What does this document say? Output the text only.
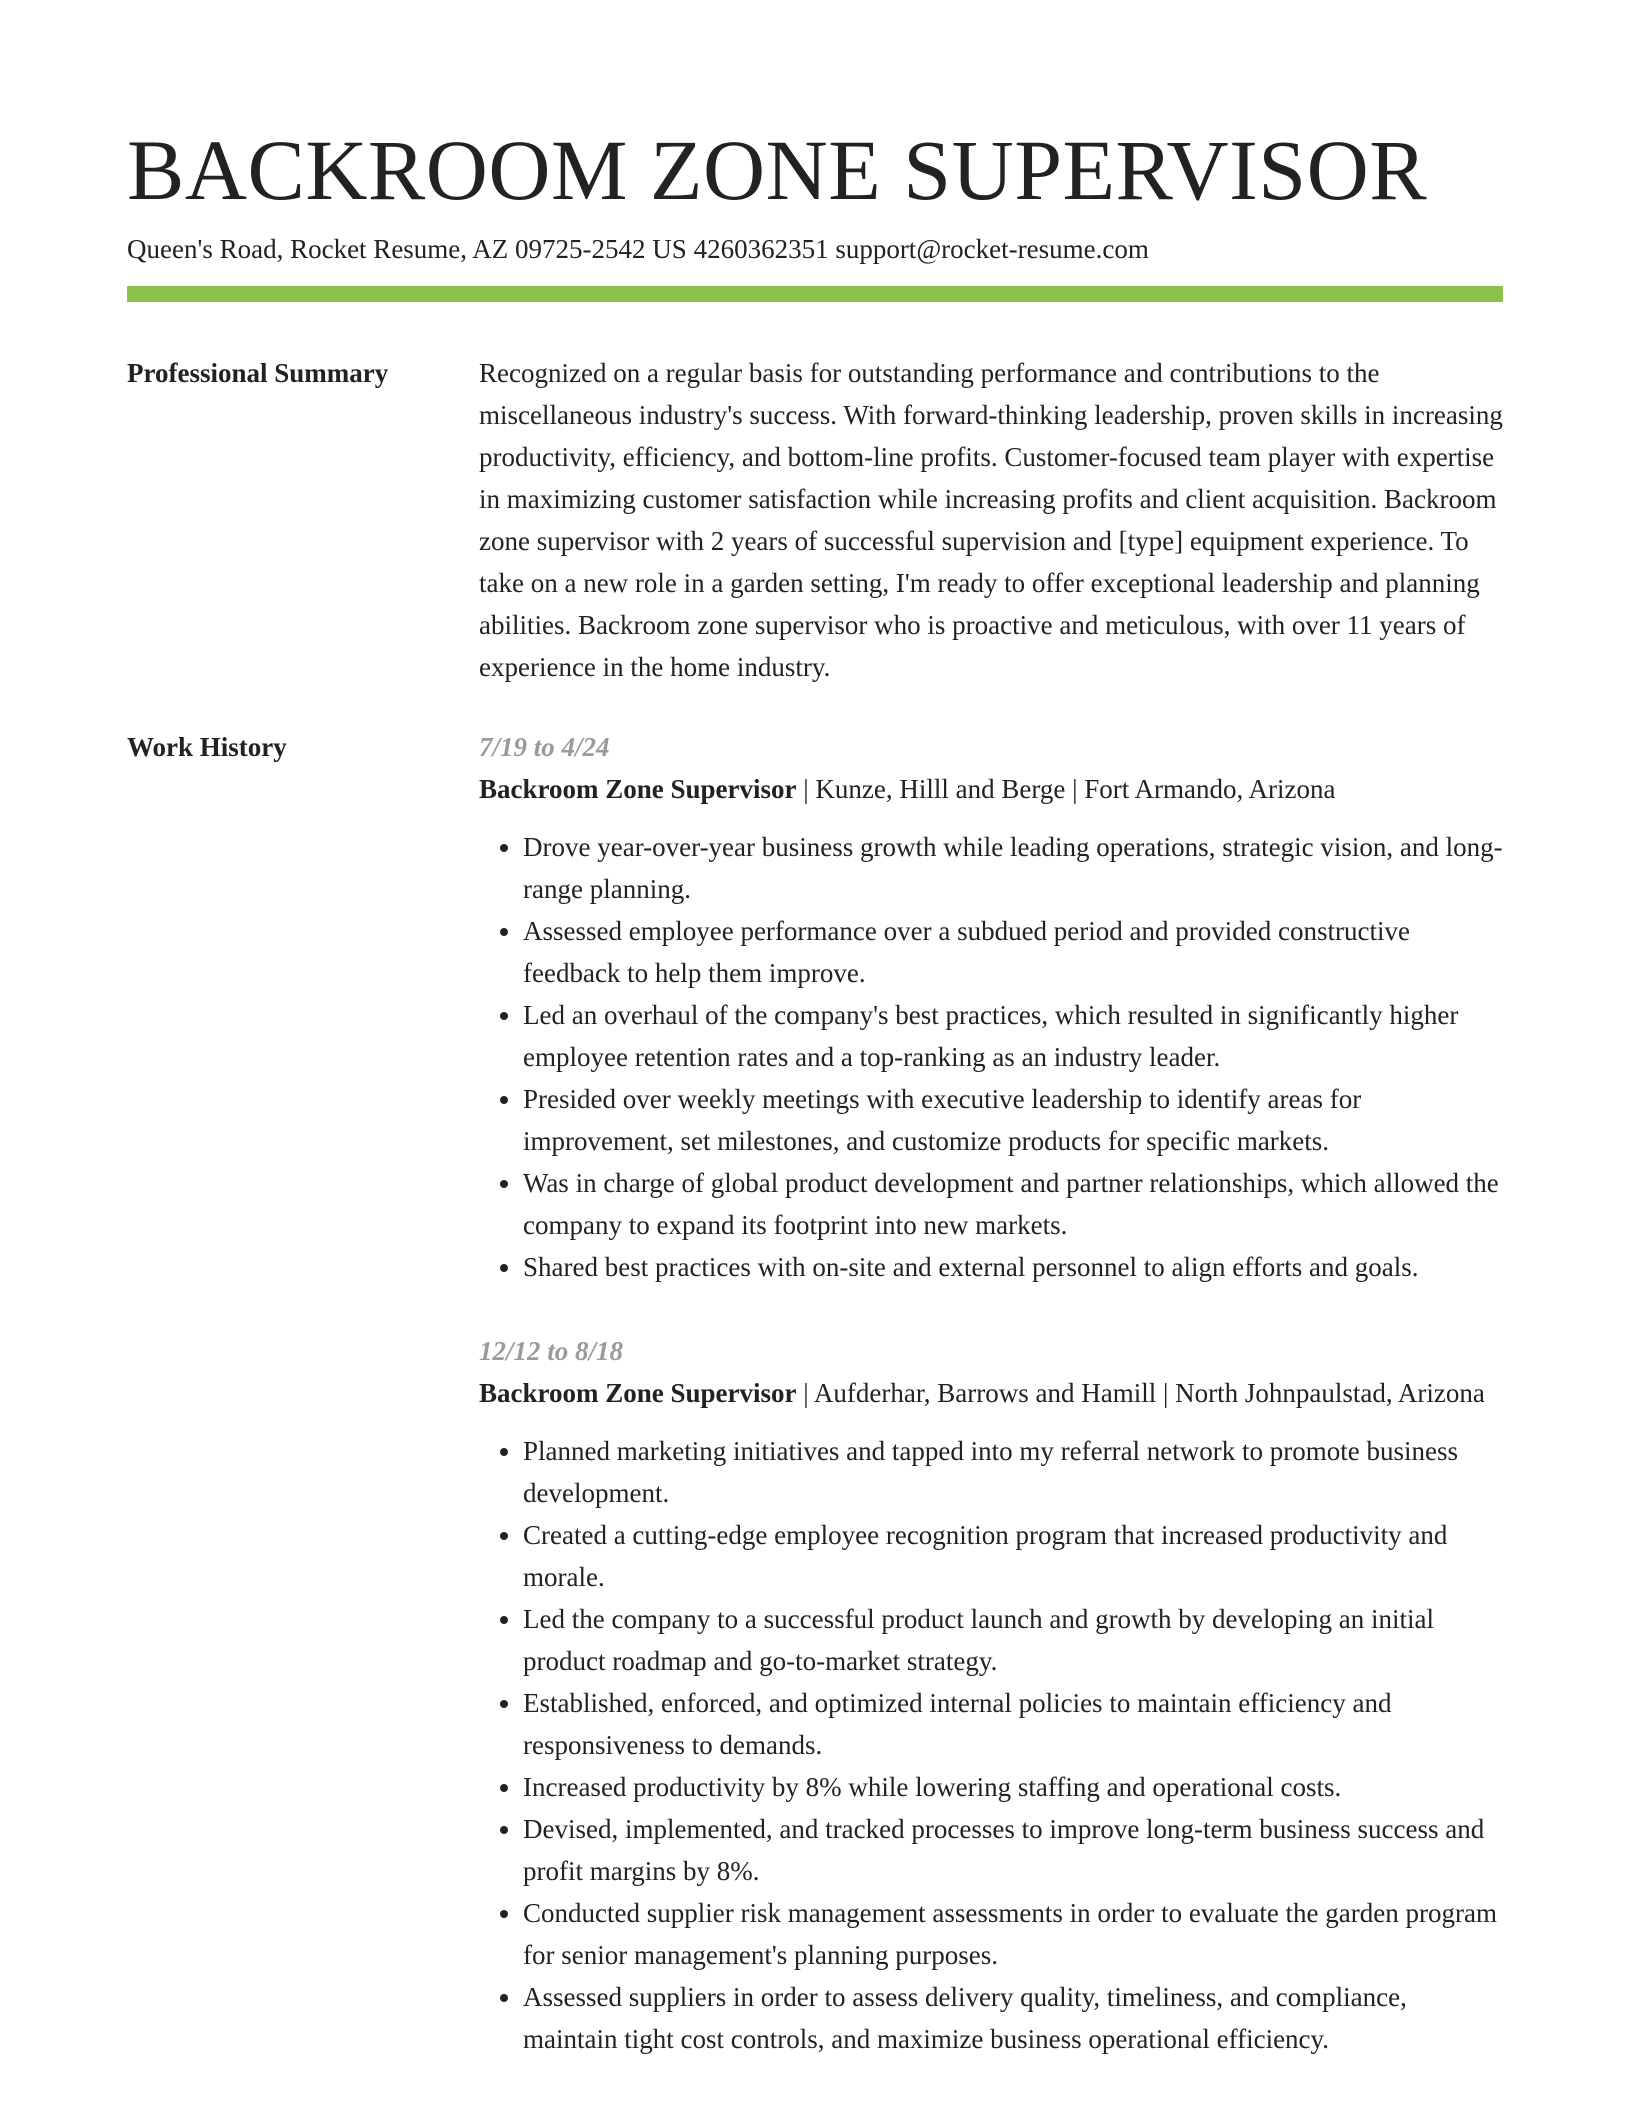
BACKROOM ZONE SUPERVISOR
Queen's Road, Rocket Resume, AZ 09725-2542 US 4260362351 support@rocket-resume.com
Professional Summary	Recognized on a regular basis for outstanding performance and contributions to the miscellaneous industry's success. With forward-thinking leadership, proven skills in increasing productivity, efficiency, and bottom-line profits. Customer-focused team player with expertise in maximizing customer satisfaction while increasing profits and client acquisition. Backroom zone supervisor with 2 years of successful supervision and [type] equipment experience. To take on a new role in a garden setting, I'm ready to offer exceptional leadership and planning abilities. Backroom zone supervisor who is proactive and meticulous, with over 11 years of experience in the home industry.

Work History	7/19 to 4/24
Backroom Zone Supervisor | Kunze, Hilll and Berge | Fort Armando, Arizona
• Drove year-over-year business growth while leading operations, strategic vision, and long-range planning.
• Assessed employee performance over a subdued period and provided constructive feedback to help them improve.
• Led an overhaul of the company's best practices, which resulted in significantly higher employee retention rates and a top-ranking as an industry leader.
• Presided over weekly meetings with executive leadership to identify areas for improvement, set milestones, and customize products for specific markets.
• Was in charge of global product development and partner relationships, which allowed the company to expand its footprint into new markets.
• Shared best practices with on-site and external personnel to align efforts and goals.
12/12 to 8/18
Backroom Zone Supervisor | Aufderhar, Barrows and Hamill | North Johnpaulstad, Arizona
• Planned marketing initiatives and tapped into my referral network to promote business development.
• Created a cutting-edge employee recognition program that increased productivity and morale.
• Led the company to a successful product launch and growth by developing an initial product roadmap and go-to-market strategy.
• Established, enforced, and optimized internal policies to maintain efficiency and responsiveness to demands.
• Increased productivity by 8% while lowering staffing and operational costs.
• Devised, implemented, and tracked processes to improve long-term business success and profit margins by 8%.
• Conducted supplier risk management assessments in order to evaluate the garden program for senior management's planning purposes.
• Assessed suppliers in order to assess delivery quality, timeliness, and compliance, maintain tight cost controls, and maximize business operational efficiency.
